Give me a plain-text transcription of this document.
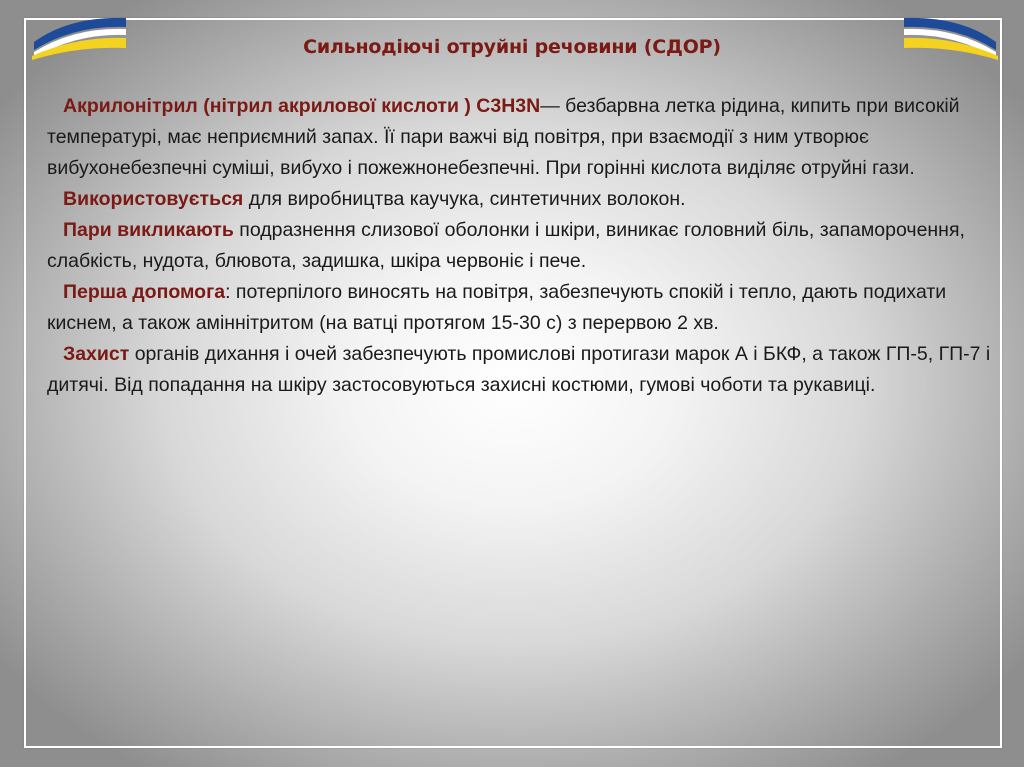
Сильнодіючі отруйні речовини (СДОР)

Акрилонітрил (нітрил акрилової кислоти ) С3Н3N— безбарвна летка рідина, кипить при високій температурі, має неприємний запах. Її пари важчі від повітря, при взаємодії з ним утворює вибухонебезпечні суміші, вибухо і пожежнонебезпечні. При горінні кислота виділяє отруйні гази.

Використовується для виробництва каучука, синтетичних волокон.

Пари викликають подразнення слизової оболонки і шкіри, виникає головний біль, запаморочення, слабкість, нудота, блювота, задишка, шкіра червоніє і пече.

Перша допомога: потерпілого виносять на повітря, забезпечують спокій і тепло, дають подихати киснем, а також аміннітритом (на ватці протягом 15-30 с) з перервою 2 хв.

Захист органів дихання і очей забезпечують промислові протигази марок А і БКФ, а також ГП-5, ГП-7 і дитячі. Від попадання на шкіру застосовуються захисні костюми, гумові чоботи та рукавиці.
